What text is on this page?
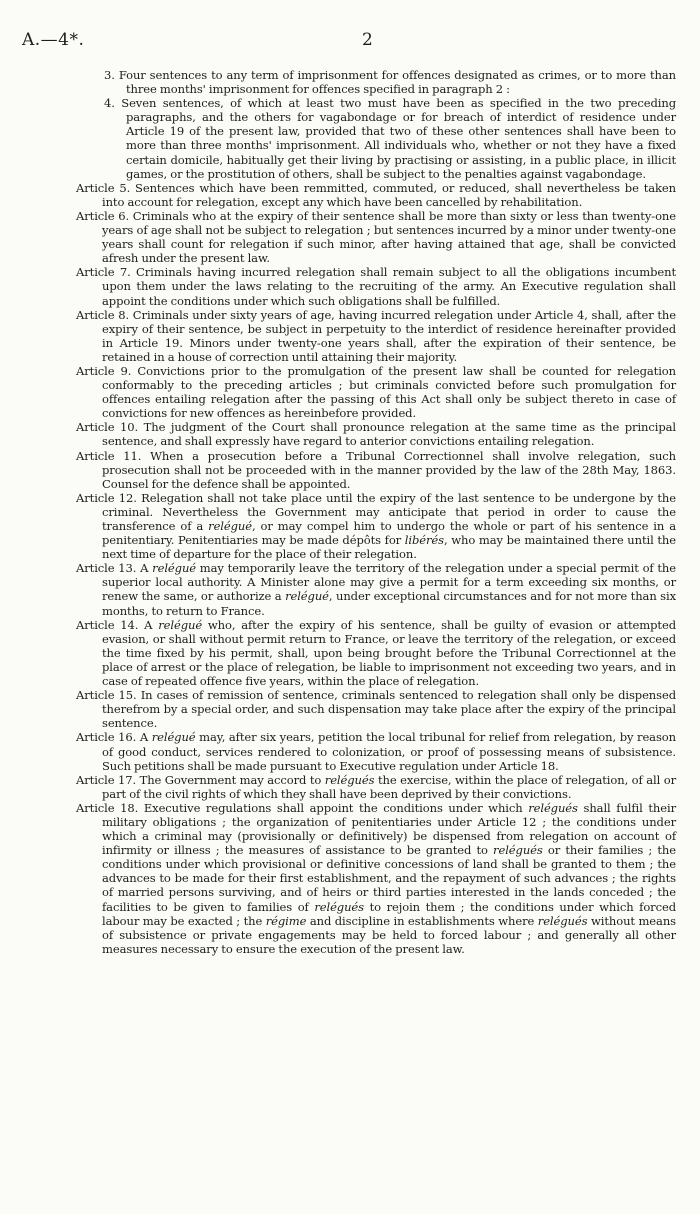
A.—4*.	2

3. Four sentences to any term of imprisonment for offences designated as crimes, or to more than three months' imprisonment for offences specified in paragraph 2 :

4. Seven sentences, of which at least two must have been as specified in the two preceding paragraphs, and the others for vagabondage or for breach of interdict of residence under Article 19 of the present law, provided that two of these other sentences shall have been to more than three months' imprisonment. All individuals who, whether or not they have a fixed certain domicile, habitually get their living by practising or assisting, in a public place, in illicit games, or the prostitution of others, shall be subject to the penalties against vagabondage.

Article 5. Sentences which have been remmitted, commuted, or reduced, shall nevertheless be taken into account for relegation, except any which have been cancelled by rehabilitation.

Article 6. Criminals who at the expiry of their sentence shall be more than sixty or less than twenty-one years of age shall not be subject to relegation ; but sentences incurred by a minor under twenty-one years shall count for relegation if such minor, after having attained that age, shall be convicted afresh under the present law.

Article 7. Criminals having incurred relegation shall remain subject to all the obligations incumbent upon them under the laws relating to the recruiting of the army. An Executive regulation shall appoint the conditions under which such obligations shall be fulfilled.

Article 8. Criminals under sixty years of age, having incurred relegation under Article 4, shall, after the expiry of their sentence, be subject in perpetuity to the interdict of residence hereinafter provided in Article 19. Minors under twenty-one years shall, after the expiration of their sentence, be retained in a house of correction until attaining their majority.

Article 9. Convictions prior to the promulgation of the present law shall be counted for relegation conformably to the preceding articles ; but criminals convicted before such promulgation for offences entailing relegation after the passing of this Act shall only be subject thereto in case of convictions for new offences as hereinbefore provided.

Article 10. The judgment of the Court shall pronounce relegation at the same time as the principal sentence, and shall expressly have regard to anterior convictions entailing relegation.

Article 11. When a prosecution before a Tribunal Correctionnel shall involve relegation, such prosecution shall not be proceeded with in the manner provided by the law of the 28th May, 1863. Counsel for the defence shall be appointed.

Article 12. Relegation shall not take place until the expiry of the last sentence to be undergone by the criminal. Nevertheless the Government may anticipate that period in order to cause the transference of a relégué, or may compel him to undergo the whole or part of his sentence in a penitentiary. Penitentiaries may be made dépôts for libérés, who may be maintained there until the next time of departure for the place of their relegation.

Article 13. A relégué may temporarily leave the territory of the relegation under a special permit of the superior local authority. A Minister alone may give a permit for a term exceeding six months, or renew the same, or authorize a relégué, under exceptional circumstances and for not more than six months, to return to France.

Article 14. A relégué who, after the expiry of his sentence, shall be guilty of evasion or attempted evasion, or shall without permit return to France, or leave the territory of the relegation, or exceed the time fixed by his permit, shall, upon being brought before the Tribunal Correctionnel at the place of arrest or the place of relegation, be liable to imprisonment not exceeding two years, and in case of repeated offence five years, within the place of relegation.

Article 15. In cases of remission of sentence, criminals sentenced to relegation shall only be dispensed therefrom by a special order, and such dispensation may take place after the expiry of the principal sentence.

Article 16. A relégué may, after six years, petition the local tribunal for relief from relegation, by reason of good conduct, services rendered to colonization, or proof of possessing means of subsistence. Such petitions shall be made pursuant to Executive regulation under Article 18.

Article 17. The Government may accord to relégués the exercise, within the place of relegation, of all or part of the civil rights of which they shall have been deprived by their convictions.

Article 18. Executive regulations shall appoint the conditions under which relégués shall fulfil their military obligations ; the organization of penitentiaries under Article 12 ; the conditions under which a criminal may (provisionally or definitively) be dispensed from relegation on account of infirmity or illness ; the measures of assistance to be granted to relégués or their families ; the conditions under which provisional or definitive concessions of land shall be granted to them ; the advances to be made for their first establishment, and the repayment of such advances ; the rights of married persons surviving, and of heirs or third parties interested in the lands conceded ; the facilities to be given to families of relégués to rejoin them ; the conditions under which forced labour may be exacted ; the régime and discipline in establishments where relégués without means of subsistence or private engagements may be held to forced labour ; and generally all other measures necessary to ensure the execution of the present law.
